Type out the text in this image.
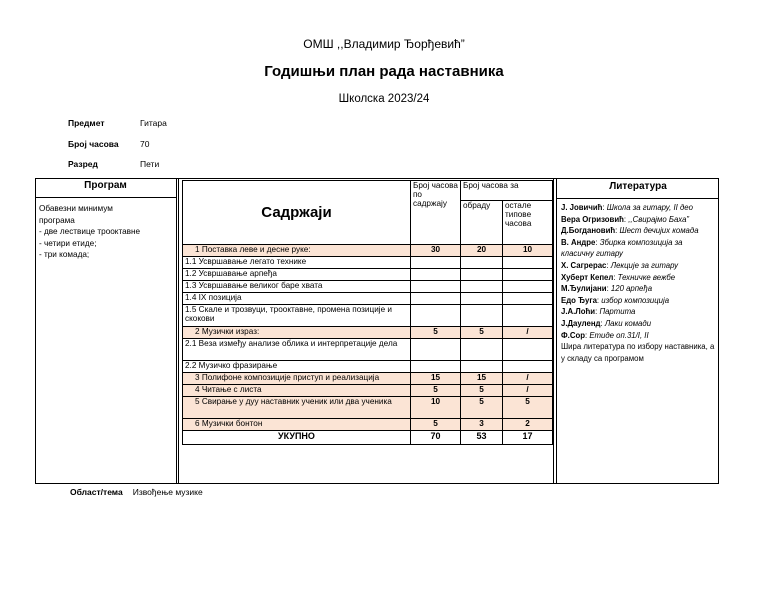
ОМШ ,,Владимир Ђорђевић”
Годишњи план рада наставника
Школска 2023/24
Предмет	Гитара
Број часова	70
Разред	Пети
Програм
Обавезни минимум
програма
- две лествице трооктавне
- четири етиде;
- три комада;
Садржаји	Број часова по садржају	Број часова за	
		обраду	остале типове часова
1 Поставка леве и десне руке:	30	20	10
1.1 Усвршавање легато технике			
1.2 Усвршавање арпеђа			
1.3 Усвршавање великог баре хвата			
1.4 IX позиција			
1.5 Скале и трозвуци, трооктавне, промена позиције и скокови			
2 Музички израз:	5	5	/
2.1 Веза између анализе облика и интерпретације дела			
2.2 Музичко фразирање			
3 Полифоне композиције приступ и реализација	15	15	/
4 Читање с листа	5	5	/
5 Свирање у дуу наставник ученик или два ученика	10	5	5
6 Музички бонтон	5	3	2
УКУПНО	70	53	17
Литература
Ј. Јовичић: Школа за гитару, II део
Вера Огризовић: ,,Свирајмо Баха”
Д.Богдановић: Шест дечијих комада
В. Андре: Збирка композиција за класичну гитару
Х. Сагрерас: Лекције за гитару
Хуберт Кепел: Техничке вежбе
М.Ђулијани: 120 арпеђа
Едо Ђуга: избор композиција
Ј.А.Лоћи: Партита
Ј.Дауленд: Лаки комади
Ф.Сор: Етиде оп.31/I, II
Шира литература по избору наставника, а у складу са програмом
Област/тема Извођење музике
